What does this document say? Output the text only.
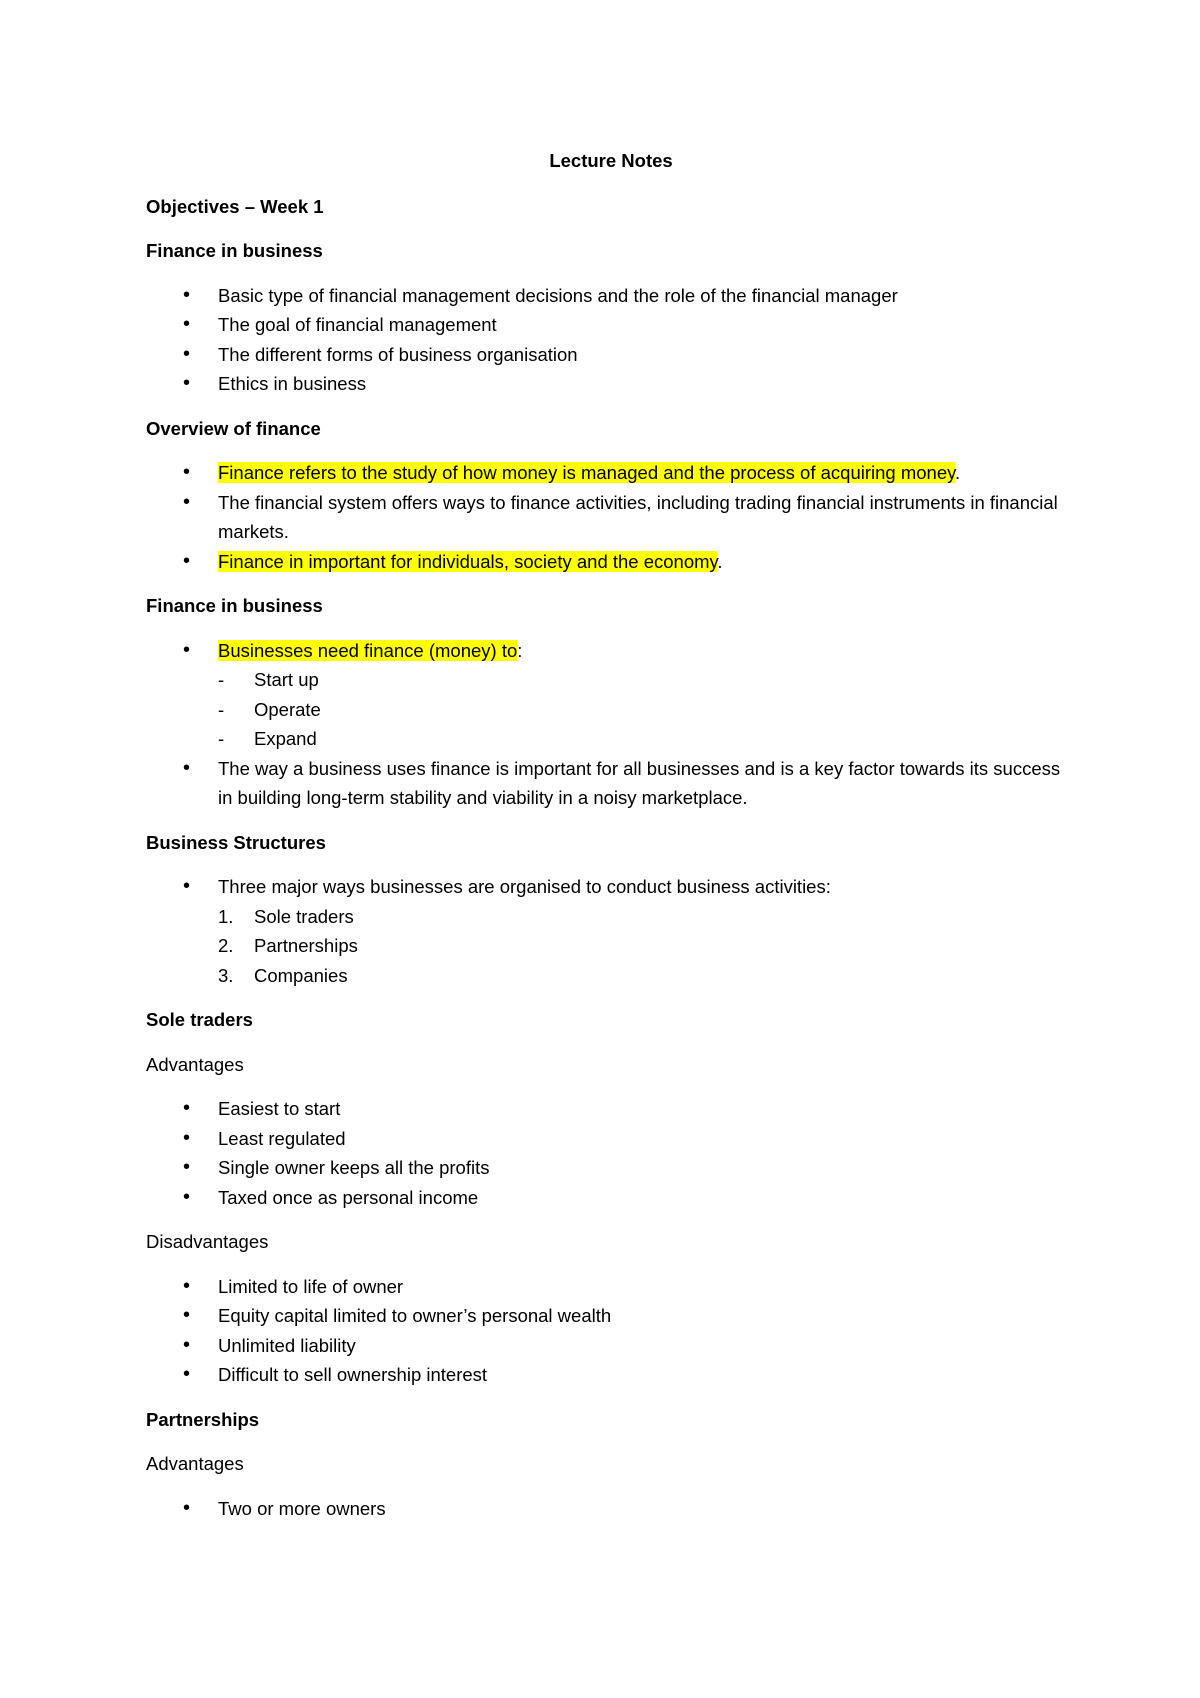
Lecture Notes
Objectives – Week 1
Finance in business
• Basic type of financial management decisions and the role of the financial manager
• The goal of financial management
• The different forms of business organisation
• Ethics in business
Overview of finance
• Finance refers to the study of how money is managed and the process of acquiring money.
• The financial system offers ways to finance activities, including trading financial instruments in financial markets.
• Finance in important for individuals, society and the economy.
Finance in business
• Businesses need finance (money) to:
-	Start up
-	Operate
-	Expand
• The way a business uses finance is important for all businesses and is a key factor towards its success in building long-term stability and viability in a noisy marketplace.
Business Structures
• Three major ways businesses are organised to conduct business activities:
1.	Sole traders
2.	Partnerships
3.	Companies
Sole traders
Advantages
• Easiest to start
• Least regulated
• Single owner keeps all the profits
• Taxed once as personal income
Disadvantages
• Limited to life of owner
• Equity capital limited to owner’s personal wealth
• Unlimited liability
• Difficult to sell ownership interest
Partnerships
Advantages
• Two or more owners
